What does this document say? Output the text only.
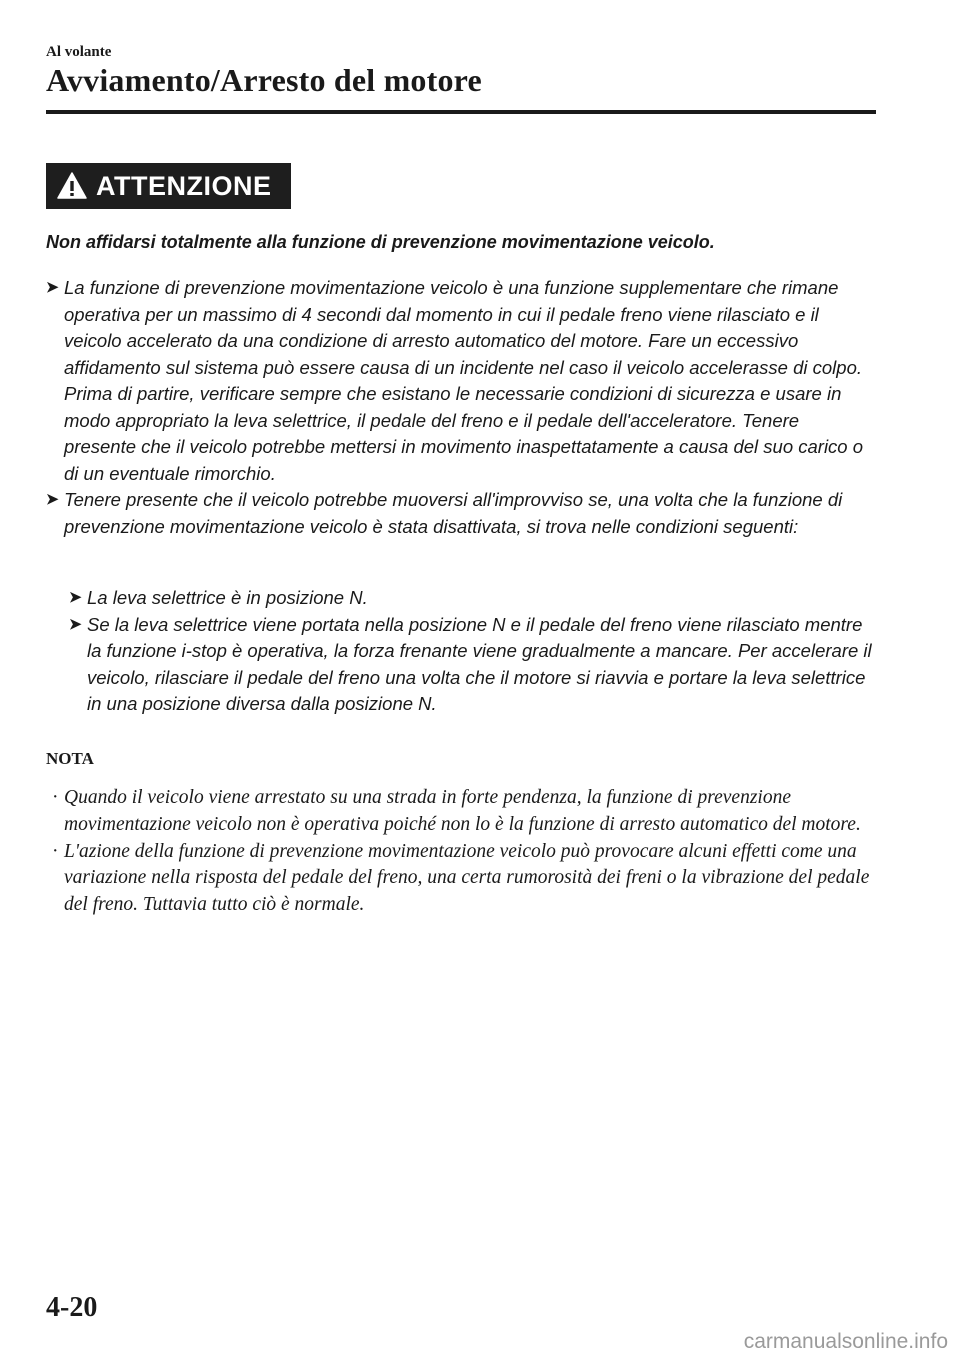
Al volante
Avviamento/Arresto del motore
ATTENZIONE
Non affidarsi totalmente alla funzione di prevenzione movimentazione veicolo.
➤ La funzione di prevenzione movimentazione veicolo è una funzione supplementare che rimane operativa per un massimo di 4 secondi dal momento in cui il pedale freno viene rilasciato e il veicolo accelerato da una condizione di arresto automatico del motore. Fare un eccessivo affidamento sul sistema può essere causa di un incidente nel caso il veicolo accelerasse di colpo. Prima di partire, verificare sempre che esistano le necessarie condizioni di sicurezza e usare in modo appropriato la leva selettrice, il pedale del freno e il pedale dell'acceleratore. Tenere presente che il veicolo potrebbe mettersi in movimento inaspettatamente a causa del suo carico o di un eventuale rimorchio.
➤ Tenere presente che il veicolo potrebbe muoversi all'improvviso se, una volta che la funzione di prevenzione movimentazione veicolo è stata disattivata, si trova nelle condizioni seguenti:
➤ La leva selettrice è in posizione N.
➤ Se la leva selettrice viene portata nella posizione N e il pedale del freno viene rilasciato mentre la funzione i-stop è operativa, la forza frenante viene gradualmente a mancare. Per accelerare il veicolo, rilasciare il pedale del freno una volta che il motore si riavvia e portare la leva selettrice in una posizione diversa dalla posizione N.
NOTA
· Quando il veicolo viene arrestato su una strada in forte pendenza, la funzione di prevenzione movimentazione veicolo non è operativa poiché non lo è la funzione di arresto automatico del motore.
· L'azione della funzione di prevenzione movimentazione veicolo può provocare alcuni effetti come una variazione nella risposta del pedale del freno, una certa rumorosità dei freni o la vibrazione del pedale del freno. Tuttavia tutto ciò è normale.
4-20
carmanualsonline.info
